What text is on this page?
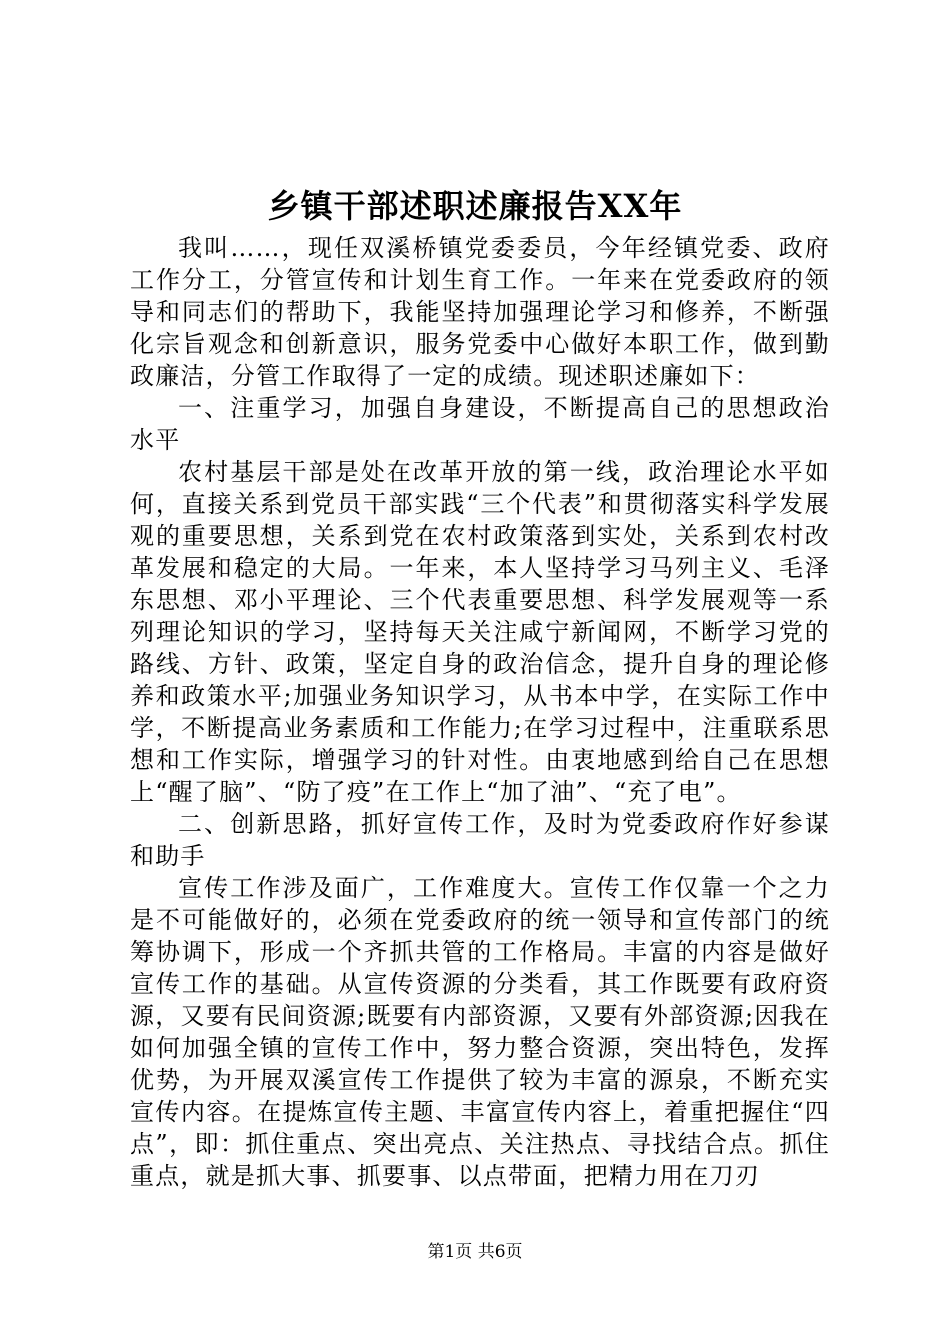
乡镇干部述职述廉报告XX年

我叫……，现任双溪桥镇党委委员，今年经镇党委、政府工作分工，分管宣传和计划生育工作。一年来在党委政府的领导和同志们的帮助下，我能坚持加强理论学习和修养，不断强化宗旨观念和创新意识，服务党委中心做好本职工作，做到勤政廉洁，分管工作取得了一定的成绩。现述职述廉如下：

一、注重学习，加强自身建设，不断提高自己的思想政治水平

农村基层干部是处在改革开放的第一线，政治理论水平如何，直接关系到党员干部实践“三个代表”和贯彻落实科学发展观的重要思想，关系到党在农村政策落到实处，关系到农村改革发展和稳定的大局。一年来，本人坚持学习马列主义、毛泽东思想、邓小平理论、三个代表重要思想、科学发展观等一系列理论知识的学习，坚持每天关注咸宁新闻网，不断学习党的路线、方针、政策，坚定自身的政治信念，提升自身的理论修养和政策水平;加强业务知识学习，从书本中学，在实际工作中学，不断提高业务素质和工作能力;在学习过程中，注重联系思想和工作实际，增强学习的针对性。由衷地感到给自己在思想上“醒了脑”、“防了疫”在工作上“加了油”、“充了电”。

二、创新思路，抓好宣传工作，及时为党委政府作好参谋和助手

宣传工作涉及面广，工作难度大。宣传工作仅靠一个之力是不可能做好的，必须在党委政府的统一领导和宣传部门的统筹协调下，形成一个齐抓共管的工作格局。丰富的内容是做好宣传工作的基础。从宣传资源的分类看，其工作既要有政府资源，又要有民间资源;既要有内部资源，又要有外部资源;因我在如何加强全镇的宣传工作中，努力整合资源，突出特色，发挥优势，为开展双溪宣传工作提供了较为丰富的源泉，不断充实宣传内容。在提炼宣传主题、丰富宣传内容上，着重把握住“四点”，即：抓住重点、突出亮点、关注热点、寻找结合点。抓住重点，就是抓大事、抓要事、以点带面，把精力用在刀刃

第1页 共6页
